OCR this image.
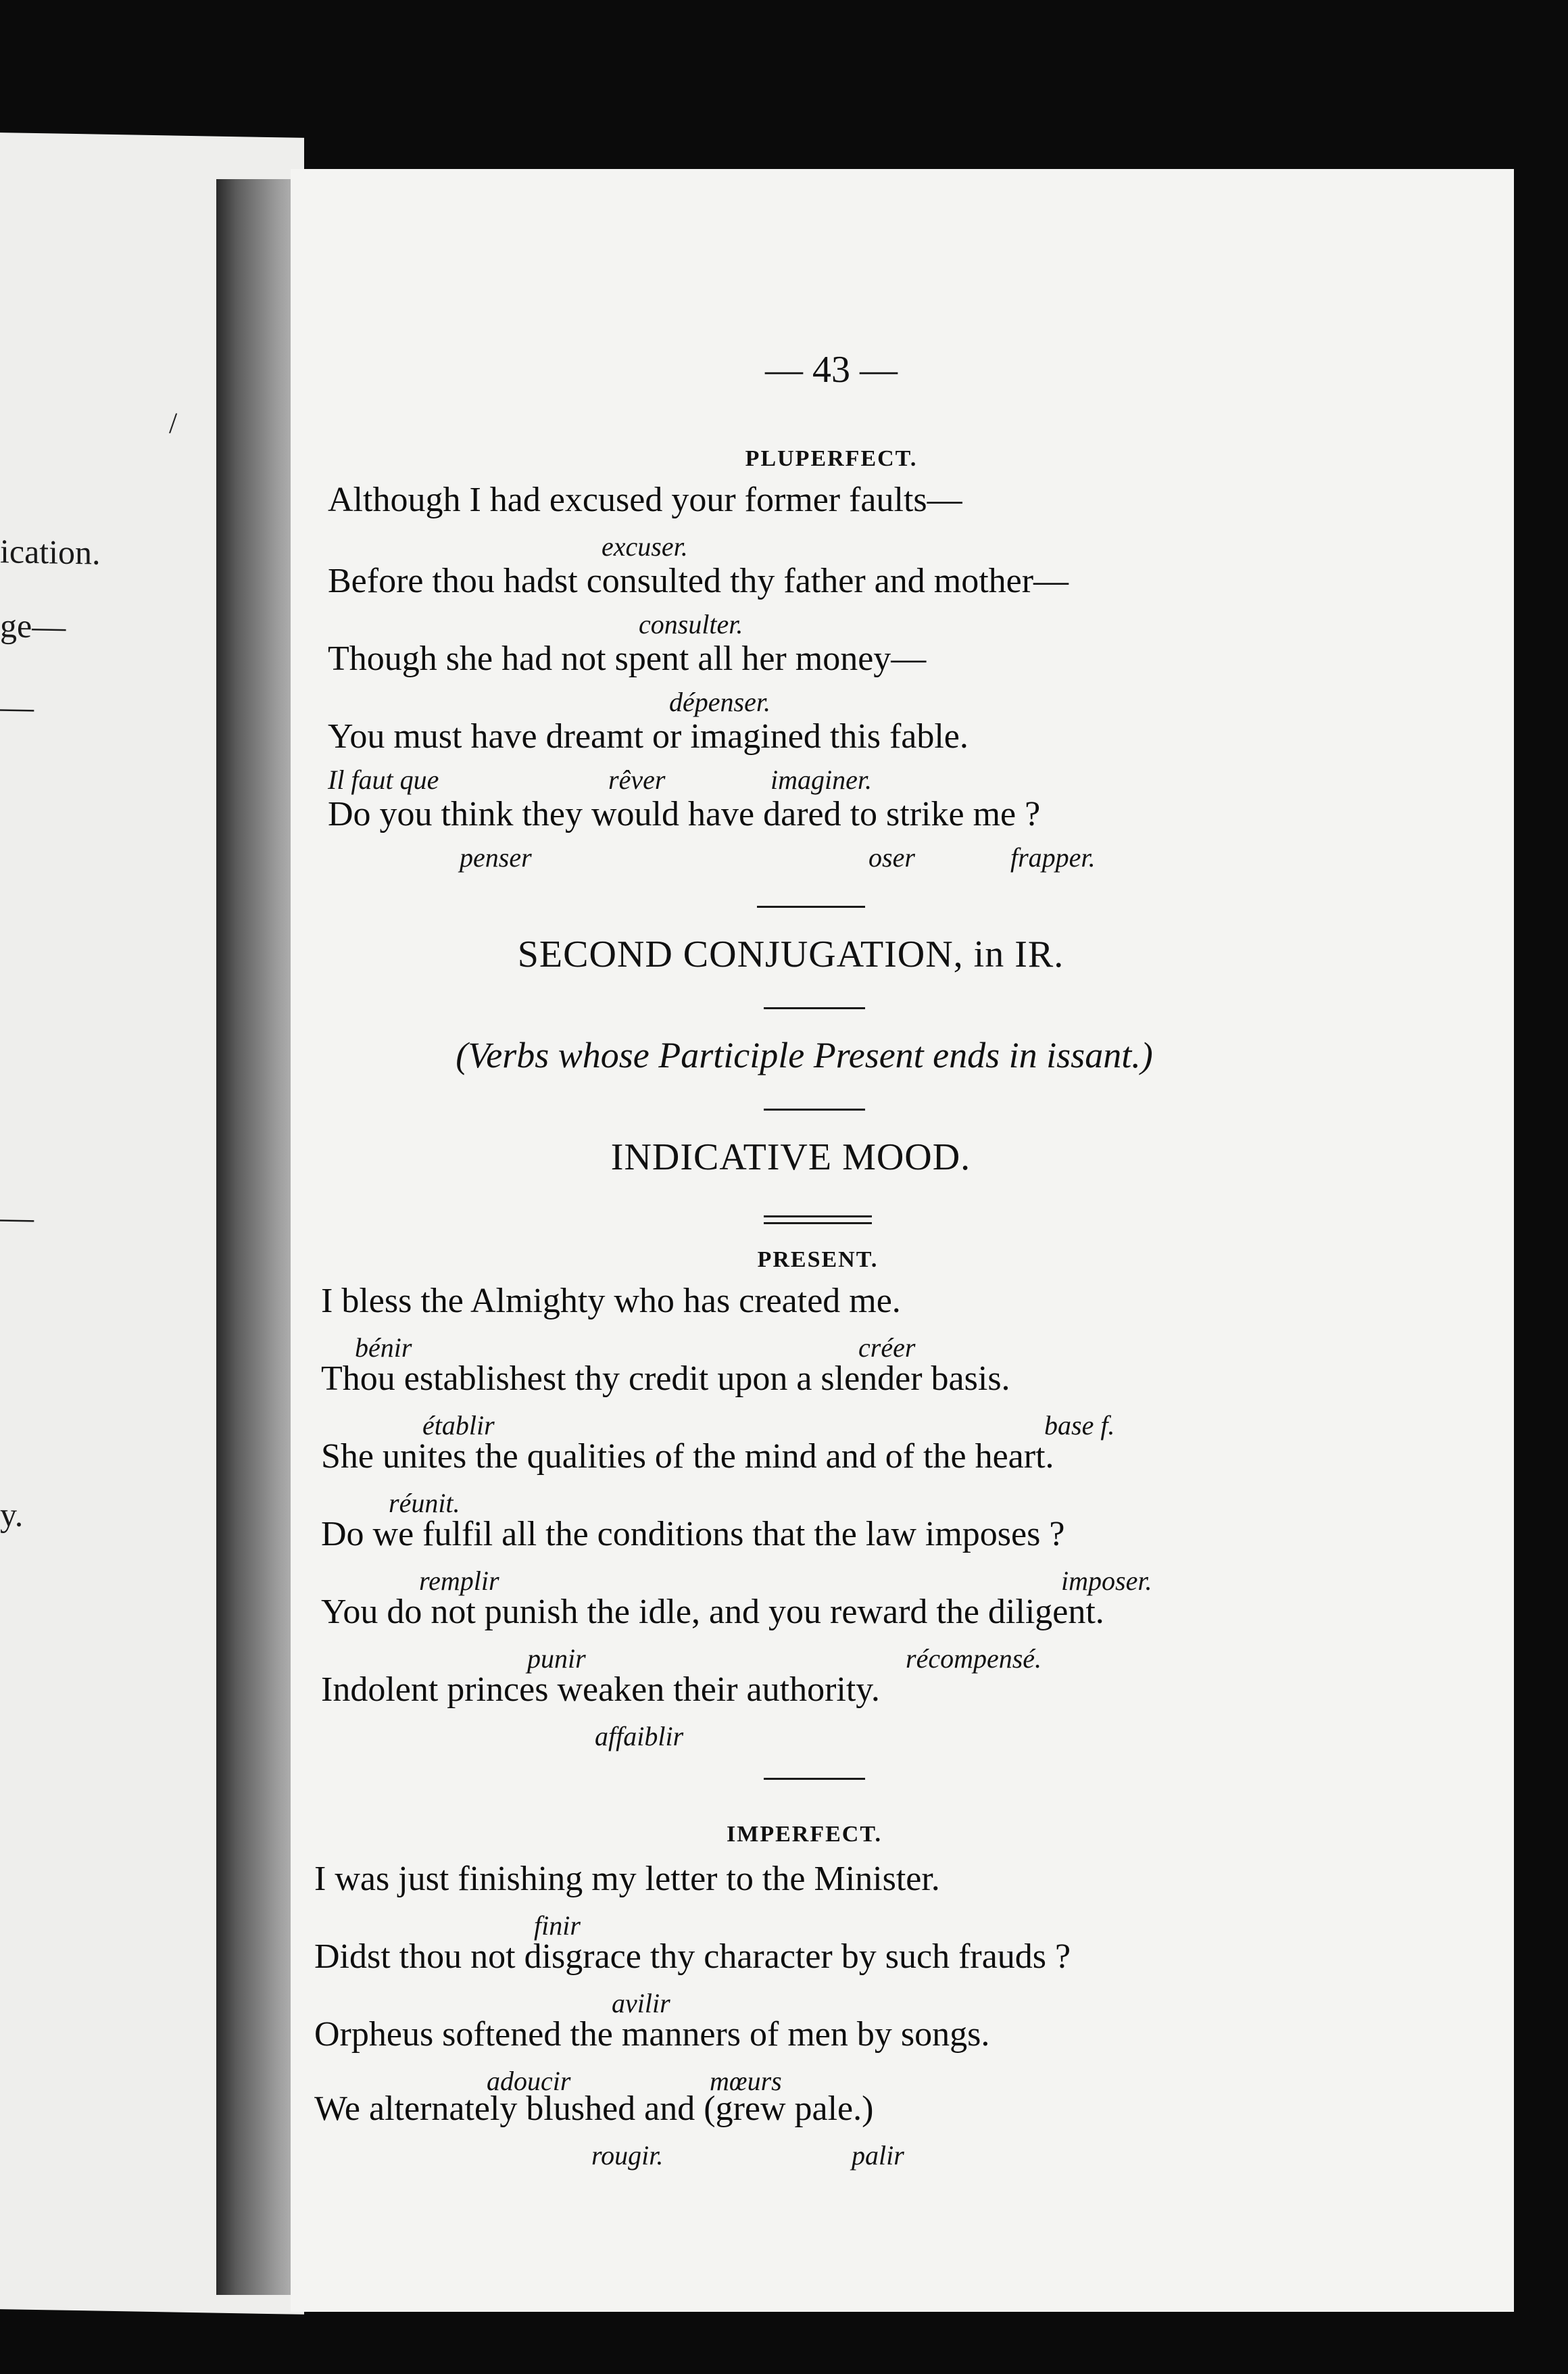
/
ication.
ge—
—
—
y.
— 43 —
PLUPERFECT.
Although I had excused your former faults—
excuser.
Before thou hadst consulted thy father and mother—
consulter.
Though she had not spent all her money—
dépenser.
You must have dreamt or imagined this fable.
Il faut que	rêver	imaginer.
Do you think they would have dared to strike me ?
penser	oser	frapper.
SECOND CONJUGATION, in IR.
(Verbs whose Participle Present ends in issant.)
INDICATIVE MOOD.
PRESENT.
I bless the Almighty who has created me.
bénir	créer
Thou establishest thy credit upon a slender basis.
établir	base f.
She unites the qualities of the mind and of the heart.
réunit.
Do we fulfil all the conditions that the law imposes ?
remplir	imposer.
You do not punish the idle, and you reward the diligent.
punir	récompensé.
Indolent princes weaken their authority.
affaiblir
IMPERFECT.
I was just finishing my letter to the Minister.
finir
Didst thou not disgrace thy character by such frauds ?
avilir
Orpheus softened the manners of men by songs.
adoucir	mœurs
We alternately blushed and (grew pale.)
rougir.	palir
